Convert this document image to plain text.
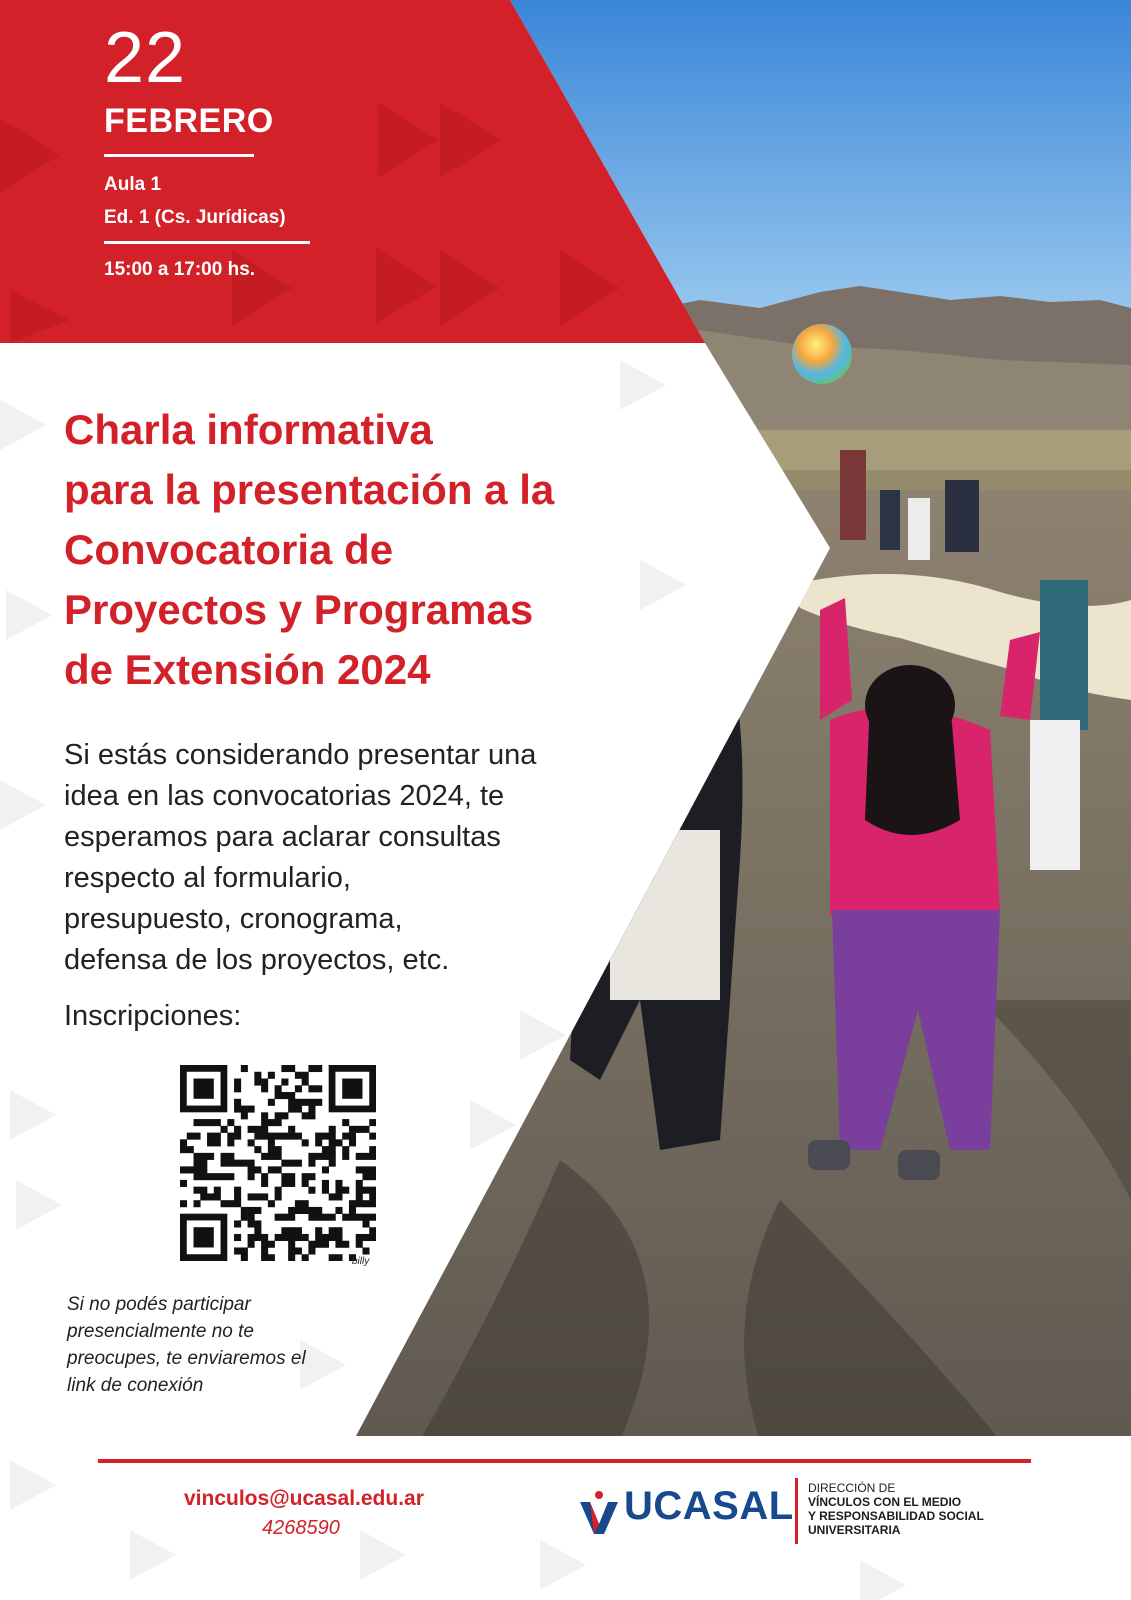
22
FEBRERO
Aula 1
Ed. 1 (Cs. Jurídicas)
15:00 a 17:00 hs.
Charla informativa
para la presentación a la
Convocatoria de
Proyectos y Programas
de Extensión 2024

Si estás considerando presentar una
idea en las convocatorias 2024, te
esperamos para aclarar consultas
respecto al formulario,
presupuesto, cronograma,
defensa de los proyectos, etc.

Inscripciones:
billy

Si no podés participar
presencialmente no te
preocupes, te enviaremos el
link de conexión

vinculos@ucasal.edu.ar
4268590	UCASAL DIRECCIÓN DE
VÍNCULOS CON EL MEDIO
Y RESPONSABILIDAD SOCIAL
UNIVERSITARIA
